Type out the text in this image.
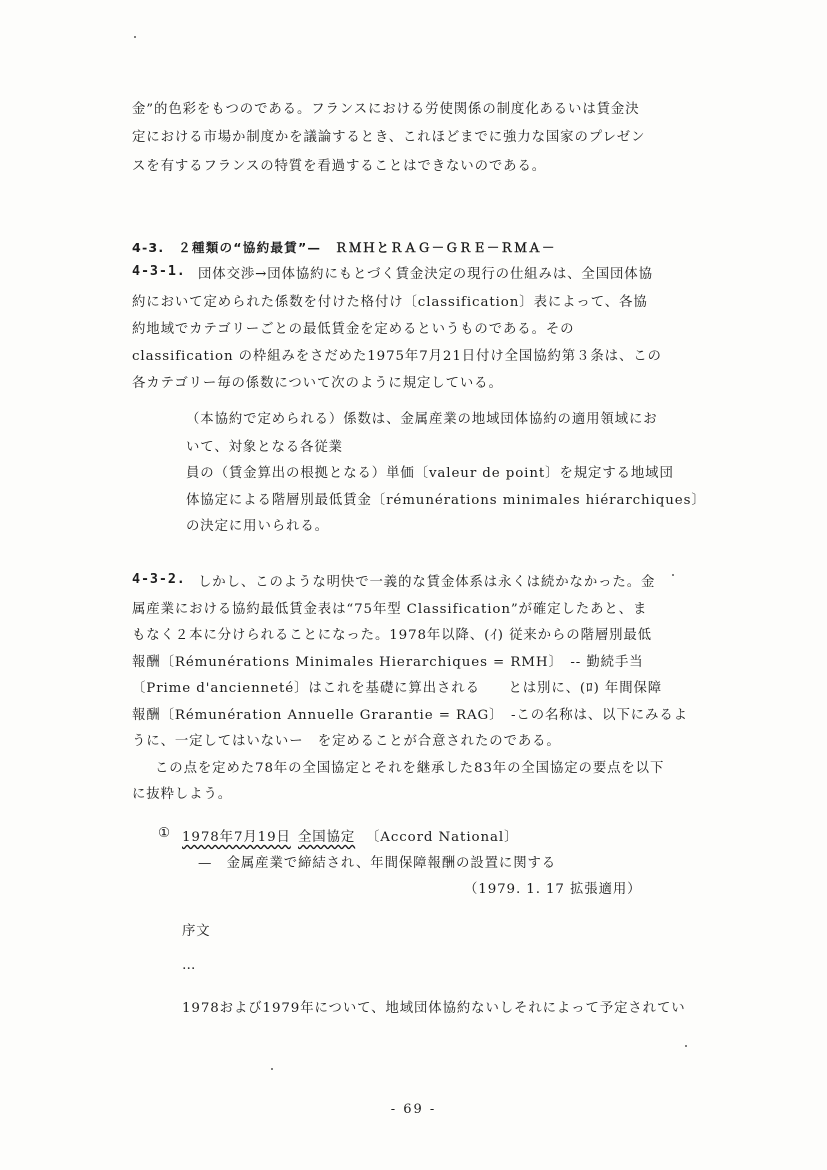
金”的色彩をもつのである。フランスにおける労使関係の制度化あるいは賃金決
定における市場か制度かを議論するとき、これほどまでに強力な国家のプレゼン
スを有するフランスの特質を看過することはできないのである。
4-3.　２種類の“協約最賃”—　ＲＭＨとＲＡＧ－ＧＲＥ－ＲＭＡ－
4-3-1. 団体交渉→団体協約にもとづく賃金決定の現行の仕組みは、全国団体協
約において定められた係数を付けた格付け〔classification〕表によって、各協
約地域でカテゴリーごとの最低賃金を定めるというものである。その
classification の枠組みをさだめた1975年7月21日付け全国協約第３条は、この
各カテゴリー毎の係数について次のように規定している。
（本協約で定められる）係数は、金属産業の地域団体協約の適用領域にお
いて、対象となる各従業
員の（賃金算出の根拠となる）単価〔valeur de point〕を規定する地域団
体協定による階層別最低賃金〔rémunérations minimales hiérarchiques〕
の決定に用いられる。
4-3-2. しかし、このような明快で一義的な賃金体系は永くは続かなかった。金
属産業における協約最低賃金表は“75年型 Classification”が確定したあと、ま
もなく２本に分けられることになった。1978年以降、(ｲ) 従来からの階層別最低
報酬〔Rémunérations Minimales Hierarchiques = RMH〕　-- 勤続手当
〔Prime d'ancienneté〕はこれを基礎に算出される　　とは別に、(ﾛ) 年間保障
報酬〔Rémunération Annuelle Grarantie = RAG〕　-この名称は、以下にみるよ
うに、一定してはいないー　を定めることが合意されたのである。
この点を定めた78年の全国協定とそれを継承した83年の全国協定の要点を以下
に抜粋しよう。
① 1978年7月19日 全国協定 〔Accord National〕
—　金属産業で締結され、年間保障報酬の設置に関する
（1979. 1. 17 拡張適用）
序文
…
1978および1979年について、地域団体協約ないしそれによって予定されてい
- 69 -
